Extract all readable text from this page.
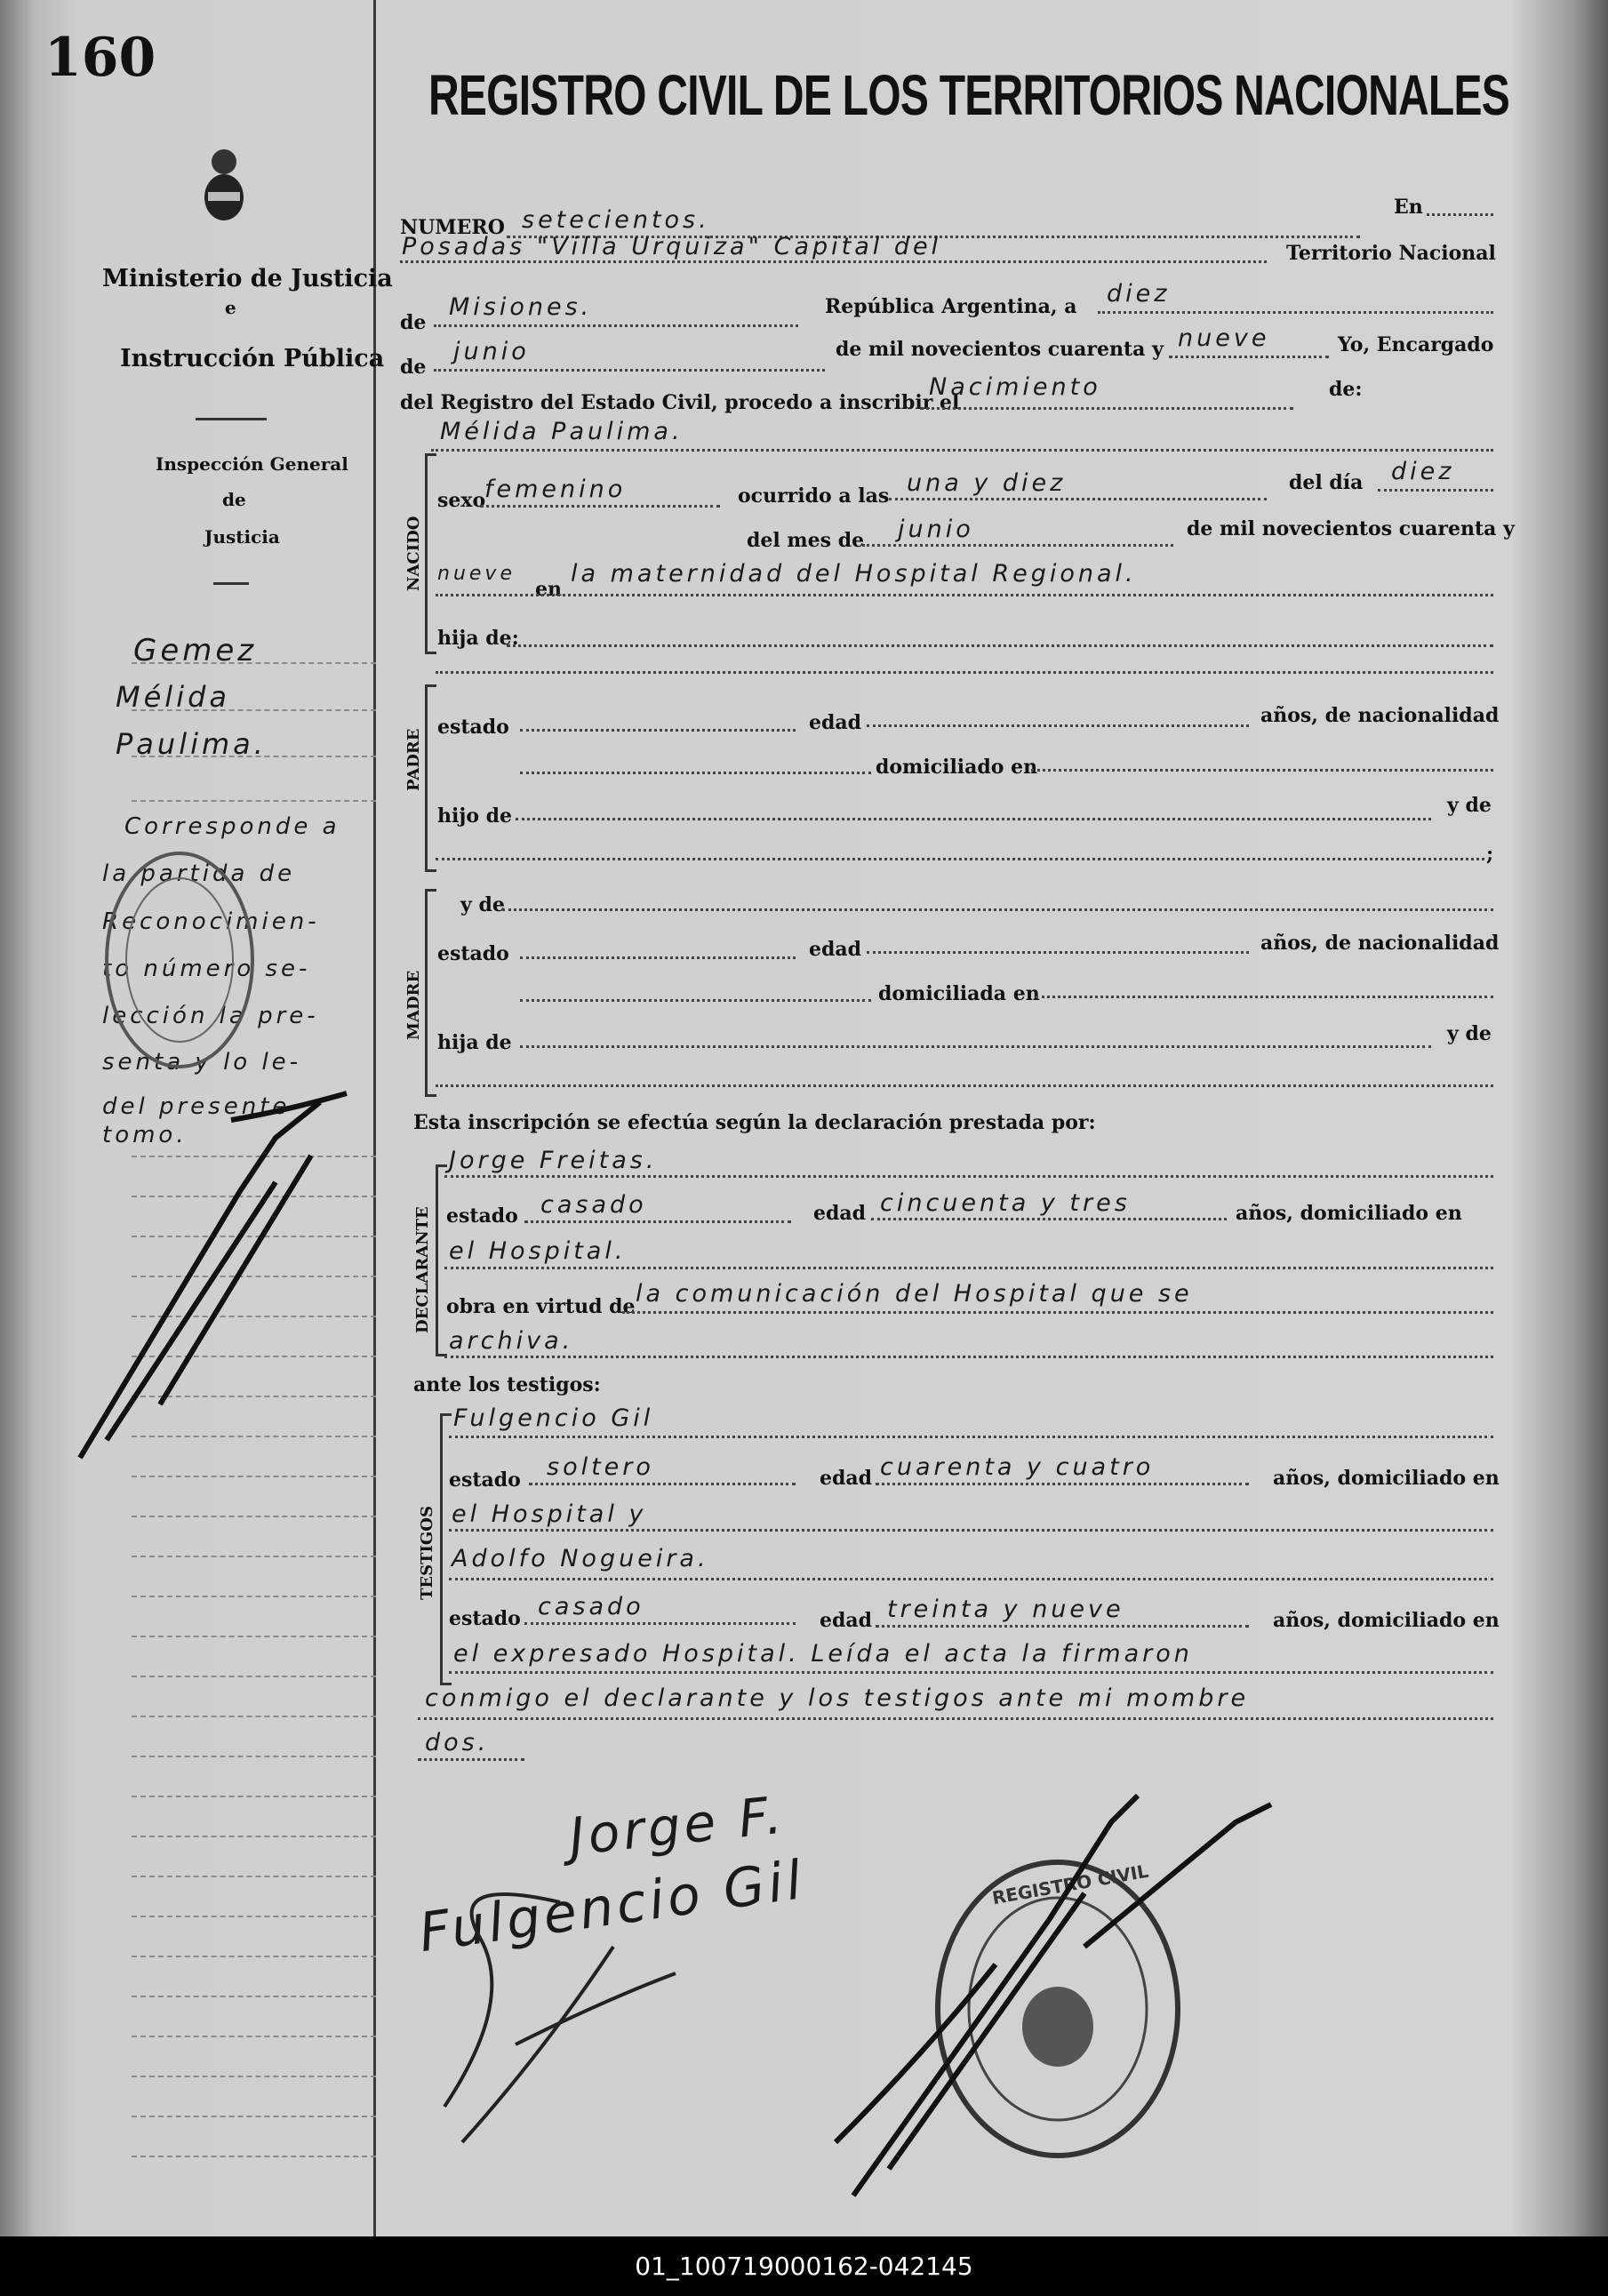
160
REGISTRO CIVIL DE LOS TERRITORIOS NACIONALES
Ministerio de Justicia
e
Instrucción Pública
Inspección General
de
Justicia
Gemez
Mélida
Paulima.
Corresponde a
la partida de
Reconocimien-
to número se-
lección la pre-
senta y lo le-
del presente
tomo.
NUMERO setecientos.	En
Posadas "Villa Urquiza" Capital del	Territorio Nacional
de
Misiones.	República Argentina, a diez
de
junio	de mil novecientos cuarenta y nueve	Yo, Encargado
del Registro del Estado Civil, procedo a inscribir el
Nacimiento	de:
Mélida Paulima.
NACIDO
sexo
femenino	ocurrido a las una y diez	del día diez
del mes de junio	de mil novecientos cuarenta y
nueve
en
la maternidad del Hospital Regional.
hija de:
PADRE
estado	edad	años, de nacionalidad
domiciliado en
hijo de	y de
;
y de
MADRE
estado	edad	años, de nacionalidad
domiciliada en
hija de	y de
Esta inscripción se efectúa según la declaración prestada por:
DECLARANTE
Jorge Freitas.
estado casado	edad cincuenta y tres	años, domiciliado en
el Hospital.
obra en virtud de la comunicación del Hospital que se
archiva.
ante los testigos:
TESTIGOS
Fulgencio Gil
estado soltero	edad cuarenta y cuatro	años, domiciliado en
el Hospital y
Adolfo Nogueira.
estado casado	edad treinta y nueve	años, domiciliado en
el expresado Hospital. Leída el acta la firmaron
conmigo el declarante y los testigos ante mi mombre
dos.
Jorge F.
Fulgencio Gil	REGISTRO CIVIL
01_100719000162-042145
